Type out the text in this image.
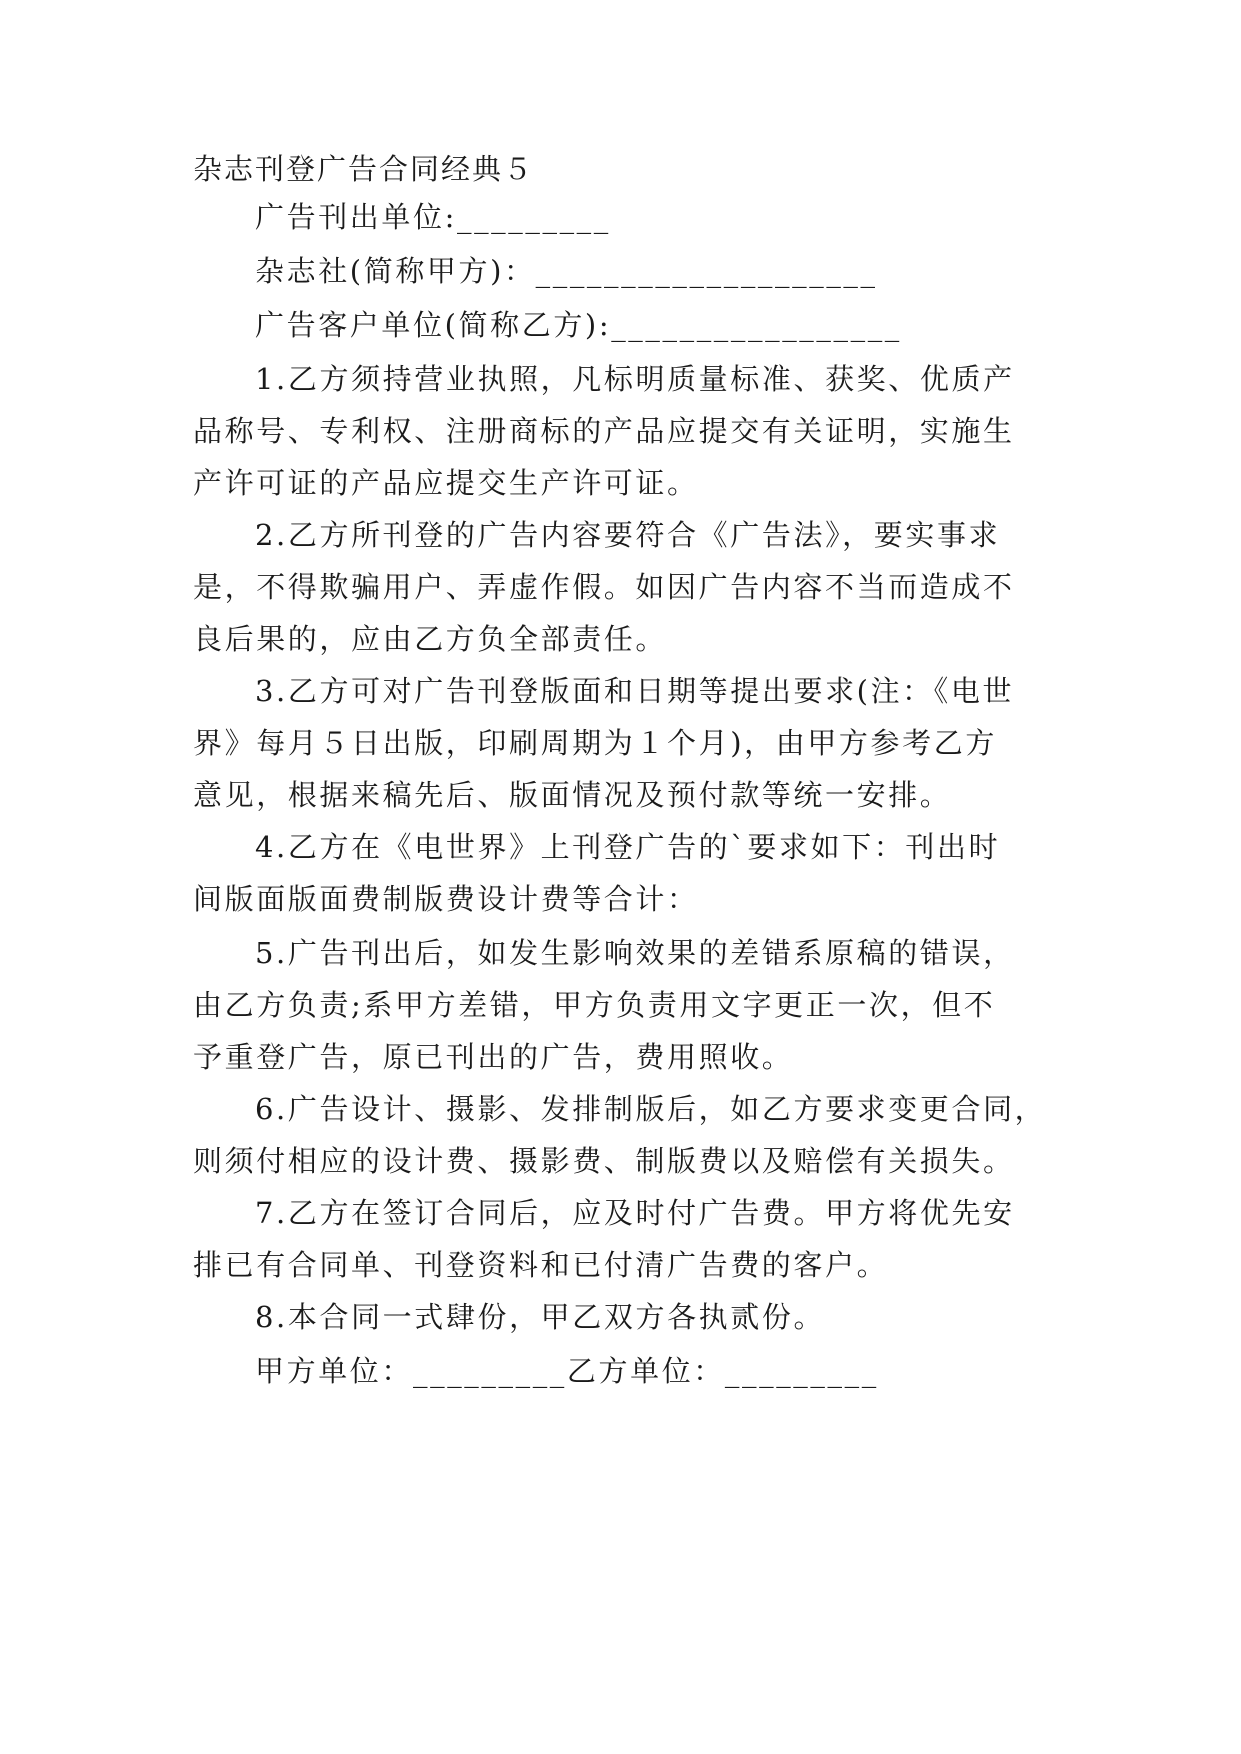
杂志刊登广告合同经典５
广告刊出单位:_________
杂志社(简称甲方)：____________________
广告客户单位(简称乙方):_________________
1.乙方须持营业执照，凡标明质量标准、获奖、优质产
品称号、专利权、注册商标的产品应提交有关证明，实施生
产许可证的产品应提交生产许可证。
2.乙方所刊登的广告内容要符合《广告法》，要实事求
是，不得欺骗用户、弄虚作假。如因广告内容不当而造成不
良后果的，应由乙方负全部责任。
3.乙方可对广告刊登版面和日期等提出要求(注：《电世
界》每月５日出版，印刷周期为１个月)，由甲方参考乙方
意见，根据来稿先后、版面情况及预付款等统一安排。
4.乙方在《电世界》上刊登广告的`要求如下：刊出时
间版面版面费制版费设计费等合计：
5.广告刊出后，如发生影响效果的差错系原稿的错误，
由乙方负责;系甲方差错，甲方负责用文字更正一次，但不
予重登广告，原已刊出的广告，费用照收。
6.广告设计、摄影、发排制版后，如乙方要求变更合同，
则须付相应的设计费、摄影费、制版费以及赔偿有关损失。
7.乙方在签订合同后，应及时付广告费。甲方将优先安
排已有合同单、刊登资料和已付清广告费的客户。
8.本合同一式肆份，甲乙双方各执贰份。
甲方单位：_________乙方单位：_________
